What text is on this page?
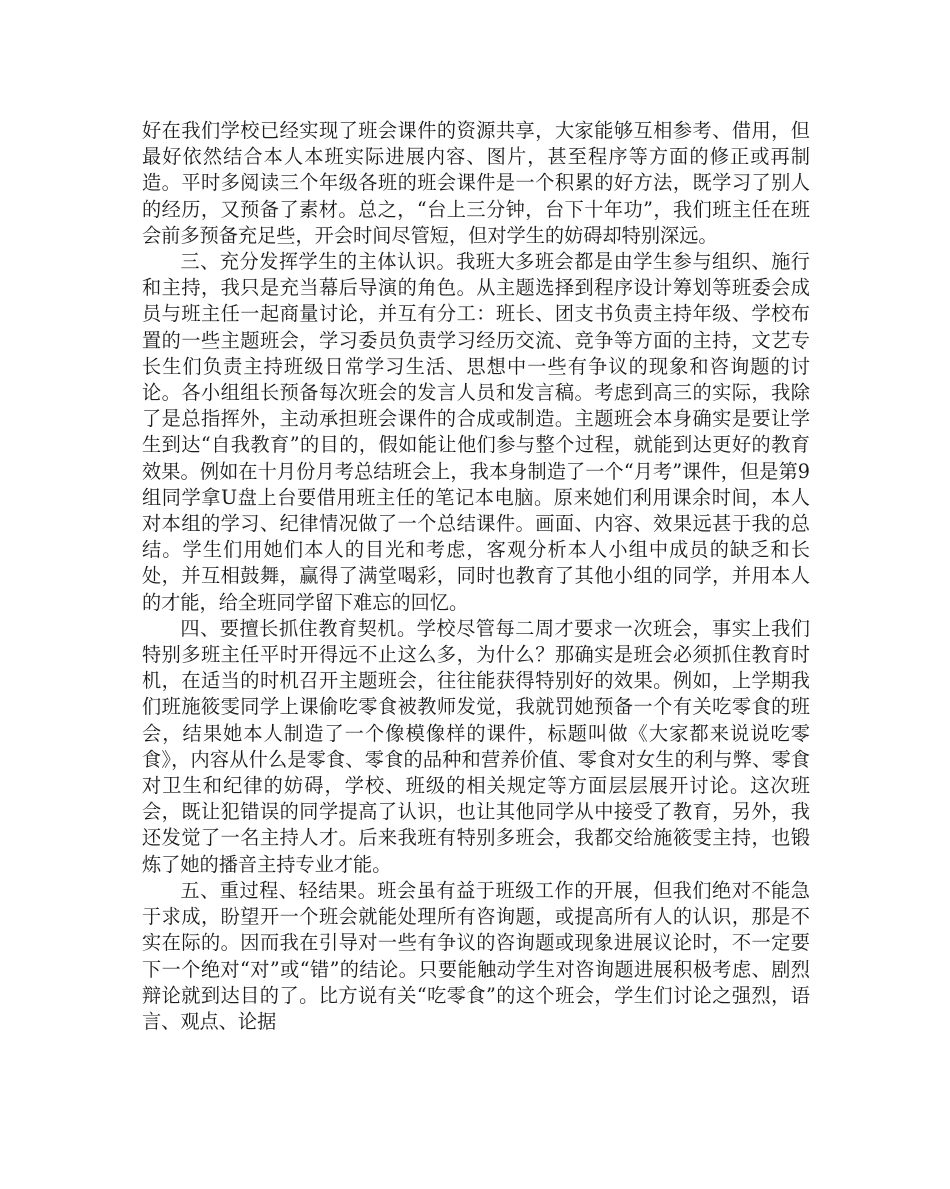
好在我们学校已经实现了班会课件的资源共享，大家能够互相参考、借用，但最好依然结合本人本班实际进展内容、图片，甚至程序等方面的修正或再制造。平时多阅读三个年级各班的班会课件是一个积累的好方法，既学习了别人的经历，又预备了素材。总之，“台上三分钟，台下十年功”，我们班主任在班会前多预备充足些，开会时间尽管短，但对学生的妨碍却特别深远。

三、充分发挥学生的主体认识。我班大多班会都是由学生参与组织、施行和主持，我只是充当幕后导演的角色。从主题选择到程序设计筹划等班委会成员与班主任一起商量讨论，并互有分工：班长、团支书负责主持年级、学校布置的一些主题班会，学习委员负责学习经历交流、竞争等方面的主持，文艺专长生们负责主持班级日常学习生活、思想中一些有争议的现象和咨询题的讨论。各小组组长预备每次班会的发言人员和发言稿。考虑到高三的实际，我除了是总指挥外，主动承担班会课件的合成或制造。主题班会本身确实是要让学生到达“自我教育”的目的，假如能让他们参与整个过程，就能到达更好的教育效果。例如在十月份月考总结班会上，我本身制造了一个“月考”课件，但是第9组同学拿U盘上台要借用班主任的笔记本电脑。原来她们利用课余时间，本人对本组的学习、纪律情况做了一个总结课件。画面、内容、效果远甚于我的总结。学生们用她们本人的目光和考虑，客观分析本人小组中成员的缺乏和长处，并互相鼓舞，赢得了满堂喝彩，同时也教育了其他小组的同学，并用本人的才能，给全班同学留下难忘的回忆。

四、要擅长抓住教育契机。学校尽管每二周才要求一次班会，事实上我们特别多班主任平时开得远不止这么多，为什么？那确实是班会必须抓住教育时机，在适当的时机召开主题班会，往往能获得特别好的效果。例如，上学期我们班施筱雯同学上课偷吃零食被教师发觉，我就罚她预备一个有关吃零食的班会，结果她本人制造了一个像模像样的课件，标题叫做《大家都来说说吃零食》，内容从什么是零食、零食的品种和营养价值、零食对女生的利与弊、零食对卫生和纪律的妨碍，学校、班级的相关规定等方面层层展开讨论。这次班会，既让犯错误的同学提高了认识，也让其他同学从中接受了教育，另外，我还发觉了一名主持人才。后来我班有特别多班会，我都交给施筱雯主持，也锻炼了她的播音主持专业才能。

五、重过程、轻结果。班会虽有益于班级工作的开展，但我们绝对不能急于求成，盼望开一个班会就能处理所有咨询题，或提高所有人的认识，那是不实在际的。因而我在引导对一些有争议的咨询题或现象进展议论时，不一定要下一个绝对“对”或“错”的结论。只要能触动学生对咨询题进展积极考虑、剧烈辩论就到达目的了。比方说有关“吃零食”的这个班会，学生们讨论之强烈，语言、观点、论据
